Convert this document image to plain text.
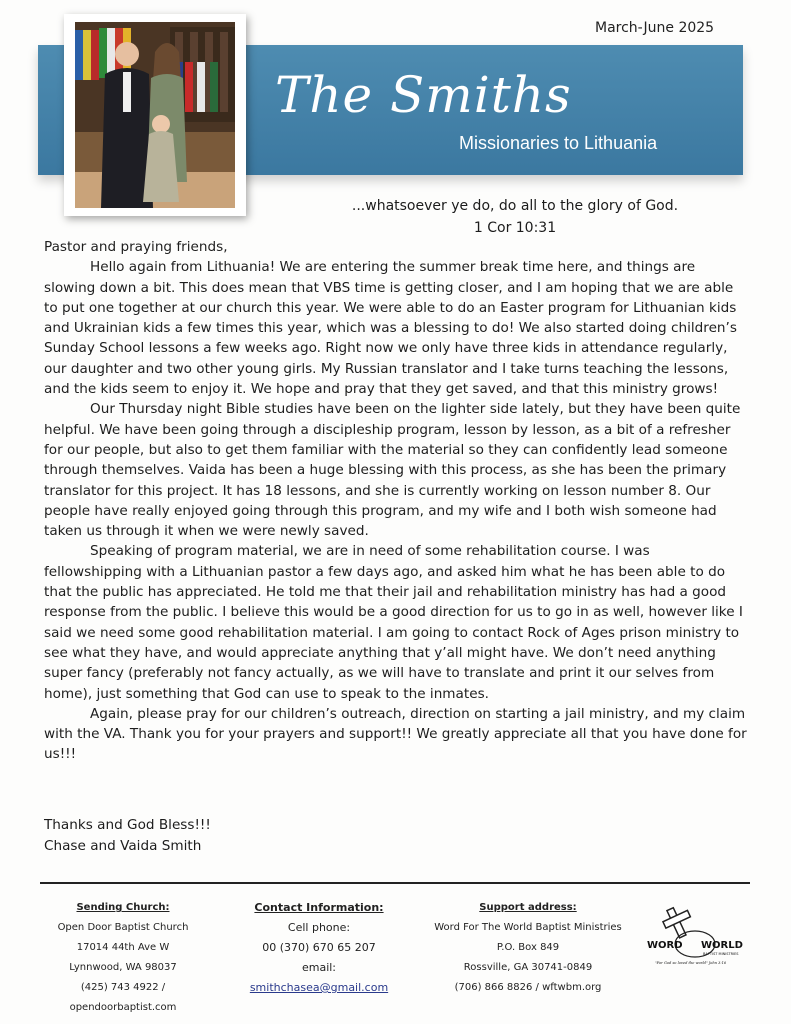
March-June 2025
The Smiths
Missionaries to Lithuania
...whatsoever ye do, do all to the glory of God.
1 Cor 10:31

Pastor and praying friends,

Hello again from Lithuania! We are entering the summer break time here, and things are slowing down a bit. This does mean that VBS time is getting closer, and I am hoping that we are able to put one together at our church this year. We were able to do an Easter program for Lithuanian kids and Ukrainian kids a few times this year, which was a blessing to do! We also started doing children’s Sunday School lessons a few weeks ago. Right now we only have three kids in attendance regularly, our daughter and two other young girls. My Russian translator and I take turns teaching the lessons, and the kids seem to enjoy it. We hope and pray that they get saved, and that this ministry grows!

Our Thursday night Bible studies have been on the lighter side lately, but they have been quite helpful. We have been going through a discipleship program, lesson by lesson, as a bit of a refresher for our people, but also to get them familiar with the material so they can confidently lead someone through themselves. Vaida has been a huge blessing with this process, as she has been the primary translator for this project. It has 18 lessons, and she is currently working on lesson number 8. Our people have really enjoyed going through this program, and my wife and I both wish someone had taken us through it when we were newly saved.

Speaking of program material, we are in need of some rehabilitation course. I was fellowshipping with a Lithuanian pastor a few days ago, and asked him what he has been able to do that the public has appreciated. He told me that their jail and rehabilitation ministry has had a good response from the public. I believe this would be a good direction for us to go in as well, however like I said we need some good rehabilitation material. I am going to contact Rock of Ages prison ministry to see what they have, and would appreciate anything that y’all might have. We don’t need anything super fancy (preferably not fancy actually, as we will have to translate and print it our selves from home), just something that God can use to speak to the inmates.

Again, please pray for our children’s outreach, direction on starting a jail ministry, and my claim with the VA. Thank you for your prayers and support!! We greatly appreciate all that you have done for us!!!

Thanks and God Bless!!!
Chase and Vaida Smith
Sending Church:
Open Door Baptist Church
17014 44th Ave W
Lynnwood, WA 98037
(425) 743 4922 /
opendoorbaptist.com
Contact Information:
Cell phone:
00 (370) 670 65 207
email:
smithchasea@gmail.com
Support address:
Word For The World Baptist Ministries
P.O. Box 849
Rossville, GA 30741-0849
(706) 866 8826 / wftwbm.org
WORD WORLD
BAPTIST MINISTRIES
"For God so loved the world" John 3:16
